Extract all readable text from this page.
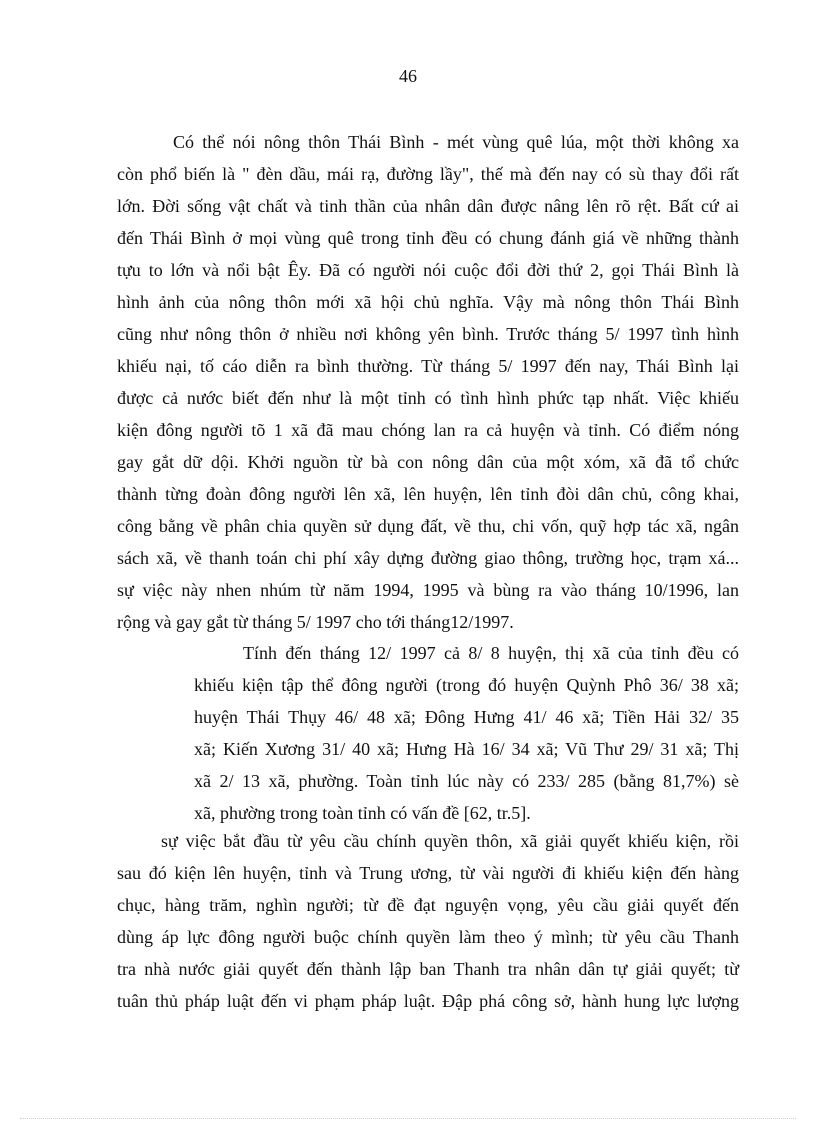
46
Có thể nói nông thôn Thái Bình - mét vùng quê lúa, một thời không xa
còn phổ biến là " đèn dầu, mái rạ, đường lầy", thế mà đến nay có sù thay đổi rất
lớn. Đời sống vật chất và tinh thần của nhân dân được nâng lên rõ rệt. Bất cứ ai
đến Thái Bình ở mọi vùng quê trong tỉnh đều có chung đánh giá về những thành
tựu to lớn và nổi bật Êy. Đã có người nói cuộc đổi đời thứ 2, gọi Thái Bình là
hình ảnh của nông thôn mới xã hội chủ nghĩa. Vậy mà nông thôn Thái Bình
cũng như nông thôn ở nhiều nơi không yên bình. Trước tháng 5/ 1997 tình hình
khiếu nại, tố cáo diễn ra bình thường. Từ tháng 5/ 1997 đến nay, Thái Bình lại
được cả nước biết đến như là một tỉnh có tình hình phức tạp nhất. Việc khiếu
kiện đông người tõ 1 xã đã mau chóng lan ra cả huyện và tỉnh. Có điểm nóng
gay gắt dữ dội. Khởi nguồn từ bà con nông dân của một xóm, xã đã tổ chức
thành từng đoàn đông người lên xã, lên huyện, lên tỉnh đòi dân chủ, công khai,
công bằng về phân chia quyền sử dụng đất, về thu, chi vốn, quỹ hợp tác xã, ngân
sách xã, về thanh toán chi phí xây dựng đường giao thông, trường học, trạm xá...
sự việc này nhen nhúm từ năm 1994, 1995 và bùng ra vào tháng 10/1996, lan
rộng và gay gắt từ tháng 5/ 1997 cho tới tháng12/1997.
Tính đến tháng 12/ 1997 cả 8/ 8 huyện, thị xã của tỉnh đều có
khiếu kiện tập thể đông người (trong đó huyện Quỳnh Phô 36/ 38 xã;
huyện Thái Thụy 46/ 48 xã; Đông Hưng 41/ 46 xã; Tiền Hải 32/ 35
xã; Kiến Xương 31/ 40 xã; Hưng Hà 16/ 34 xã; Vũ Thư 29/ 31 xã; Thị
xã 2/ 13 xã, phường. Toàn tỉnh lúc này có 233/ 285 (bằng 81,7%) sè
xã, phường trong toàn tỉnh có vấn đề [62, tr.5].
sự việc bắt đầu từ yêu cầu chính quyền thôn, xã giải quyết khiếu kiện, rồi
sau đó kiện lên huyện, tỉnh và Trung ương, từ vài người đi khiếu kiện đến hàng
chục, hàng trăm, nghìn người; từ đề đạt nguyện vọng, yêu cầu giải quyết đến
dùng áp lực đông người buộc chính quyền làm theo ý mình; từ yêu cầu Thanh
tra nhà nước giải quyết đến thành lập ban Thanh tra nhân dân tự giải quyết; từ
tuân thủ pháp luật đến vi phạm pháp luật. Đập phá công sở, hành hung lực lượng
